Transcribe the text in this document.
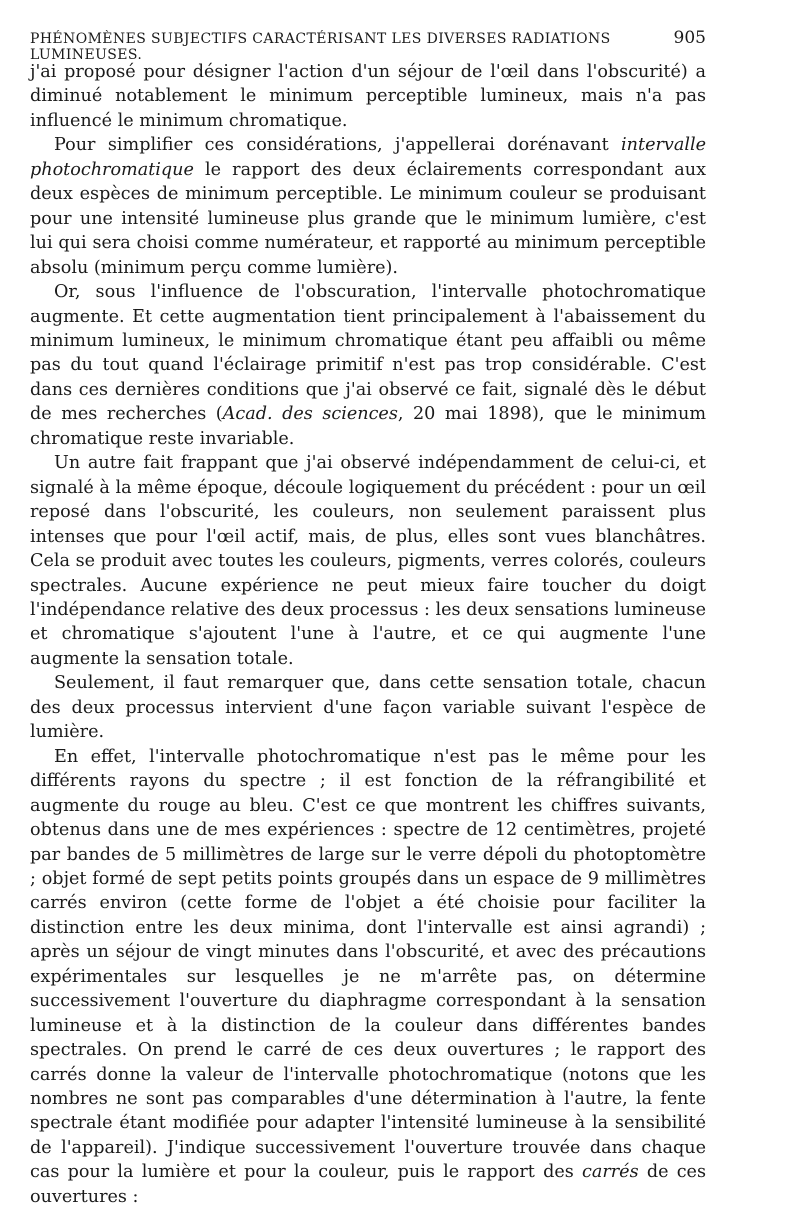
PHÉNOMÈNES SUBJECTIFS CARACTÉRISANT LES DIVERSES RADIATIONS LUMINEUSES.
905

j'ai proposé pour désigner l'action d'un séjour de l'œil dans l'obscurité) a diminué notablement le minimum perceptible lumineux, mais n'a pas influencé le minimum chromatique.

Pour simplifier ces considérations, j'appellerai dorénavant intervalle photochromatique le rapport des deux éclairements correspondant aux deux espèces de minimum perceptible. Le minimum couleur se produisant pour une intensité lumineuse plus grande que le minimum lumière, c'est lui qui sera choisi comme numérateur, et rapporté au minimum perceptible absolu (minimum perçu comme lumière).

Or, sous l'influence de l'obscuration, l'intervalle photochromatique augmente. Et cette augmentation tient principalement à l'abaissement du minimum lumineux, le minimum chromatique étant peu affaibli ou même pas du tout quand l'éclairage primitif n'est pas trop considérable. C'est dans ces dernières conditions que j'ai observé ce fait, signalé dès le début de mes recherches (Acad. des sciences, 20 mai 1898), que le minimum chromatique reste invariable.

Un autre fait frappant que j'ai observé indépendamment de celui-ci, et signalé à la même époque, découle logiquement du précédent : pour un œil reposé dans l'obscurité, les couleurs, non seulement paraissent plus intenses que pour l'œil actif, mais, de plus, elles sont vues blanchâtres. Cela se produit avec toutes les couleurs, pigments, verres colorés, couleurs spectrales. Aucune expérience ne peut mieux faire toucher du doigt l'indépendance relative des deux processus : les deux sensations lumineuse et chromatique s'ajoutent l'une à l'autre, et ce qui augmente l'une augmente la sensation totale.

Seulement, il faut remarquer que, dans cette sensation totale, chacun des deux processus intervient d'une façon variable suivant l'espèce de lumière.

En effet, l'intervalle photochromatique n'est pas le même pour les différents rayons du spectre ; il est fonction de la réfrangibilité et augmente du rouge au bleu. C'est ce que montrent les chiffres suivants, obtenus dans une de mes expériences : spectre de 12 centimètres, projeté par bandes de 5 millimètres de large sur le verre dépoli du photoptomètre ; objet formé de sept petits points groupés dans un espace de 9 millimètres carrés environ (cette forme de l'objet a été choisie pour faciliter la distinction entre les deux minima, dont l'intervalle est ainsi agrandi) ; après un séjour de vingt minutes dans l'obscurité, et avec des précautions expérimentales sur lesquelles je ne m'arrête pas, on détermine successivement l'ouverture du diaphragme correspondant à la sensation lumineuse et à la distinction de la couleur dans différentes bandes spectrales. On prend le carré de ces deux ouvertures ; le rapport des carrés donne la valeur de l'intervalle photochromatique (notons que les nombres ne sont pas comparables d'une détermination à l'autre, la fente spectrale étant modifiée pour adapter l'intensité lumineuse à la sensibilité de l'appareil). J'indique successivement l'ouverture trouvée dans chaque cas pour la lumière et pour la couleur, puis le rapport des carrés de ces ouvertures :
